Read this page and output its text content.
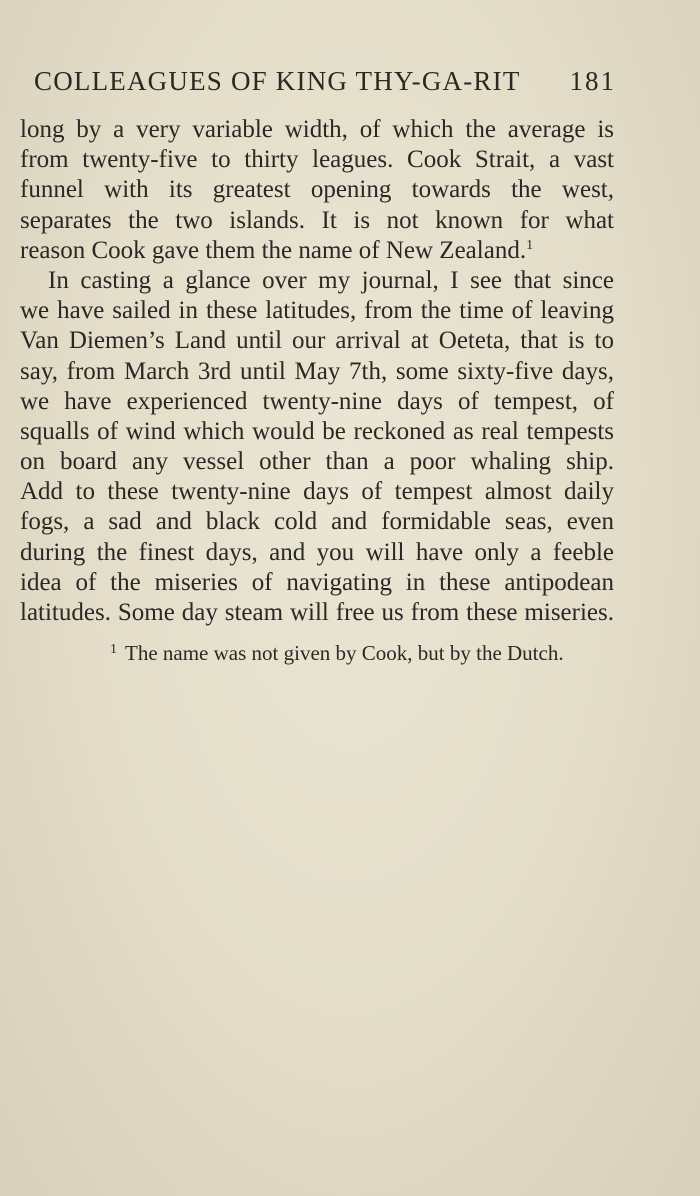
COLLEAGUES OF KING THY-GA-RIT 181
long by a very variable width, of which the average is
from twenty-five to thirty leagues. Cook Strait, a vast
funnel with its greatest opening towards the west,
separates the two islands. It is not known for what
reason Cook gave them the name of New Zealand.$^1$
In casting a glance over my journal, I see that since
we have sailed in these latitudes, from the time of leaving
Van Diemen’s Land until our arrival at Oeteta, that is to
say, from March 3rd until May 7th, some sixty-five days,
we have experienced twenty-nine days of tempest, of
squalls of wind which would be reckoned as real tempests
on board any vessel other than a poor whaling ship.
Add to these twenty-nine days of tempest almost daily
fogs, a sad and black cold and formidable seas, even
during the finest days, and you will have only a feeble
idea of the miseries of navigating in these antipodean
latitudes. Some day steam will free us from these miseries.
$^1$ The name was not given by Cook, but by the Dutch.
